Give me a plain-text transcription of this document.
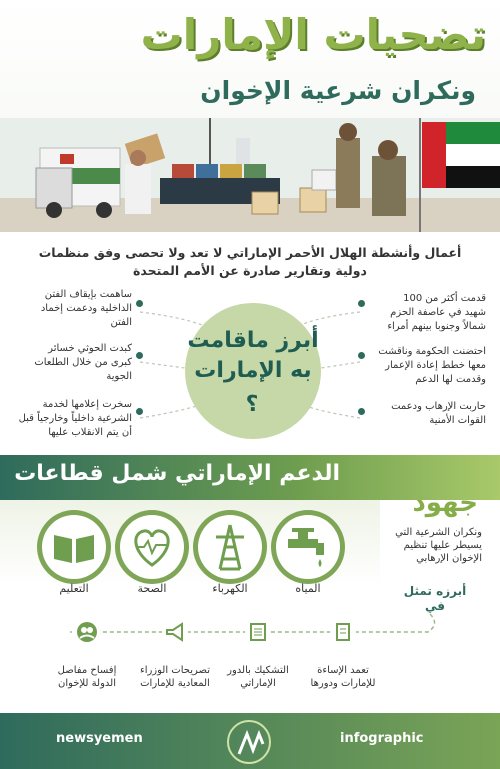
تضحيات الإمارات
ونكران شرعية الإخوان
أعمال وأنشطة الهلال الأحمر الإماراتي لا تعد ولا تحصى وفق منظمات
دولية وتقارير صادرة عن الأمم المتحدة
أبرز ماقامت
به الإمارات
؟
قدمت أكثر من 100
شهيد في عاصفة الحزم
شمالاً وجنوبا بينهم أمراء
احتضنت الحكومة وناقشت
معها خطط إعادة الإعمار
وقدمت لها الدعم
حاربت الإرهاب ودعمت
القوات الأمنية
ساهمت بإيقاف الفتن
الداخلية ودعمت إخماد
الفتن
كبدت الحوثي خسائر
كبرى من خلال الطلعات
الجوية
سخرت إعلامها لخدمة
الشرعية داخلياً وخارجياً قبل
أن يتم الانقلاب عليها
الدعم الإماراتي شمل قطاعات
المياه
الكهرباء
الصحة
التعليم
جهود
ونكران الشرعية التي
يسيطر عليها تنظيم
الإخوان الإرهابي
أبرزه تمثل
في
تعمد الإساءة
للإمارات ودورها
التشكيك بالدور
الإماراتي
تصريحات الوزراء
المعادية للإمارات
إفساح مفاصل
الدولة للإخوان
newsyemen	infographic
